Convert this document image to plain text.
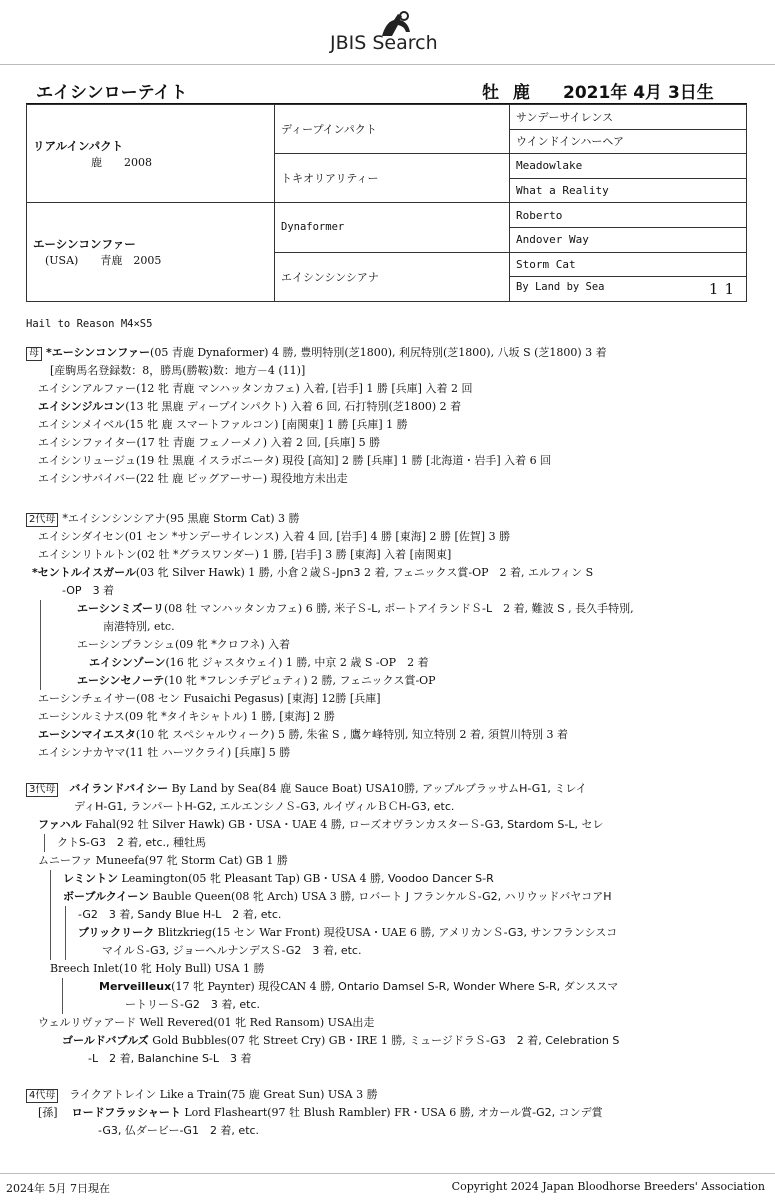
JBIS Search
エイシンローテイト	牡 鹿 2021年 4月 3日生
リアルインパクト
鹿　　2008	ディープインパクト	サンデーサイレンス
		ウインドインハーヘア
	トキオリアリティー	Meadowlake
		What a Reality
エーシンコンファー
(USA)　　青鹿　2005	Dynaformer	Roberto
		Andover Way
	エイシンシンシアナ	Storm Cat
		By Land by Sea 11
Hail to Reason M4×S5
母 *エーシンコンファー(05 青鹿 Dynaformer) 4 勝, 豊明特別(芝1800), 利尻特別(芝1800), 八坂 S (芝1800) 3 着
[産駒馬名登録数：8，勝馬(勝鞍)数：地方－4 (11)]
エイシンアルファー(12 牝 青鹿 マンハッタンカフェ) 入着, [岩手] 1 勝 [兵庫] 入着 2 回
エイシンジルコン(13 牝 黒鹿 ディープインパクト) 入着 6 回, 石打特別(芝1800) 2 着
エイシンメイベル(15 牝 鹿 スマートファルコン) [南関東] 1 勝 [兵庫] 1 勝
エイシンファイター(17 牡 青鹿 フェノーメノ) 入着 2 回, [兵庫] 5 勝
エイシンリュージュ(19 牡 黒鹿 イスラボニータ) 現役 [高知] 2 勝 [兵庫] 1 勝 [北海道・岩手] 入着 6 回
エイシンサバイバー(22 牡 鹿 ビッグアーサー) 現役地方未出走
2代母 *エイシンシンシアナ(95 黒鹿 Storm Cat) 3 勝
エイシンダイセン(01 セン *サンデーサイレンス) 入着 4 回, [岩手] 4 勝 [東海] 2 勝 [佐賀] 3 勝
エイシンリトルトン(02 牡 *グラスワンダー) 1 勝, [岩手] 3 勝 [東海] 入着 [南関東]
*セントルイスガール(03 牝 Silver Hawk) 1 勝, 小倉２歳Ｓ-Jpn3 2 着, フェニックス賞-OP　2 着, エルフィン S
-OP　3 着
エーシンミズーリ(08 牡 マンハッタンカフェ) 6 勝, 米子Ｓ-L, ポートアイランドＳ-L　2 着, 難波 S , 長久手特別,
南港特別, etc.
エーシンブランシュ(09 牝 *クロフネ) 入着
エイシンゾーン(16 牝 ジャスタウェイ) 1 勝, 中京 2 歳 S -OP　2 着
エーシンセノーテ(10 牝 *フレンチデピュティ) 2 勝, フェニックス賞-OP
エーシンチェイサー(08 セン Fusaichi Pegasus) [東海] 12勝 [兵庫]
エーシンルミナス(09 牝 *タイキシャトル) 1 勝, [東海] 2 勝
エーシンマイエスタ(10 牝 スペシャルウィーク) 5 勝, 朱雀 S , 鷹ケ峰特別, 知立特別 2 着, 須賀川特別 3 着
エイシンナカヤマ(11 牡 ハーツクライ) [兵庫] 5 勝
3代母 バイランドバイシー By Land by Sea(84 鹿 Sauce Boat) USA10勝, アップルブラッサムH-G1, ミレイ
ディH-G1, ランパートH-G2, エルエンシノＳ-G3, ルイヴィルＢＣH-G3, etc.
ファハル Fahal(92 牡 Silver Hawk) GB・USA・UAE 4 勝, ローズオヴランカスターＳ-G3, Stardom S-L, セレ
クトS-G3　2 着, etc., 種牡馬
ムニーファ Muneefa(97 牝 Storm Cat) GB 1 勝
レミントン Leamington(05 牝 Pleasant Tap) GB・USA 4 勝, Voodoo Dancer S-R
ボーブルクイーン Bauble Queen(08 牝 Arch) USA 3 勝, ロバート J フランケルＳ-G2, ハリウッドバヤコアH
-G2　3 着, Sandy Blue H-L　2 着, etc.
ブリックリーク Blitzkrieg(15 セン War Front) 現役USA・UAE 6 勝, アメリカンＳ-G3, サンフランシスコ
マイルＳ-G3, ジョーヘルナンデスＳ-G2　3 着, etc.
Breech Inlet(10 牝 Holy Bull) USA 1 勝
Merveilleux(17 牝 Paynter) 現役CAN 4 勝, Ontario Damsel S-R, Wonder Where S-R, ダンススマ
ートリーＳ-G2　3 着, etc.
ウェルリヴァアード Well Revered(01 牝 Red Ransom) USA出走
ゴールドバブルズ Gold Bubbles(07 牝 Street Cry) GB・IRE 1 勝, ミュージドラＳ-G3　2 着, Celebration S
-L　2 着, Balanchine S-L　3 着
4代母 ライクアトレイン Like a Train(75 鹿 Great Sun) USA 3 勝
[孫] ロードフラッシャート Lord Flasheart(97 牡 Blush Rambler) FR・USA 6 勝, オカール賞-G2, コンデ賞
-G3, 仏ダービー-G1　2 着, etc.
2024年 5月 7日現在	Copyright 2024 Japan Bloodhorse Breeders' Association
